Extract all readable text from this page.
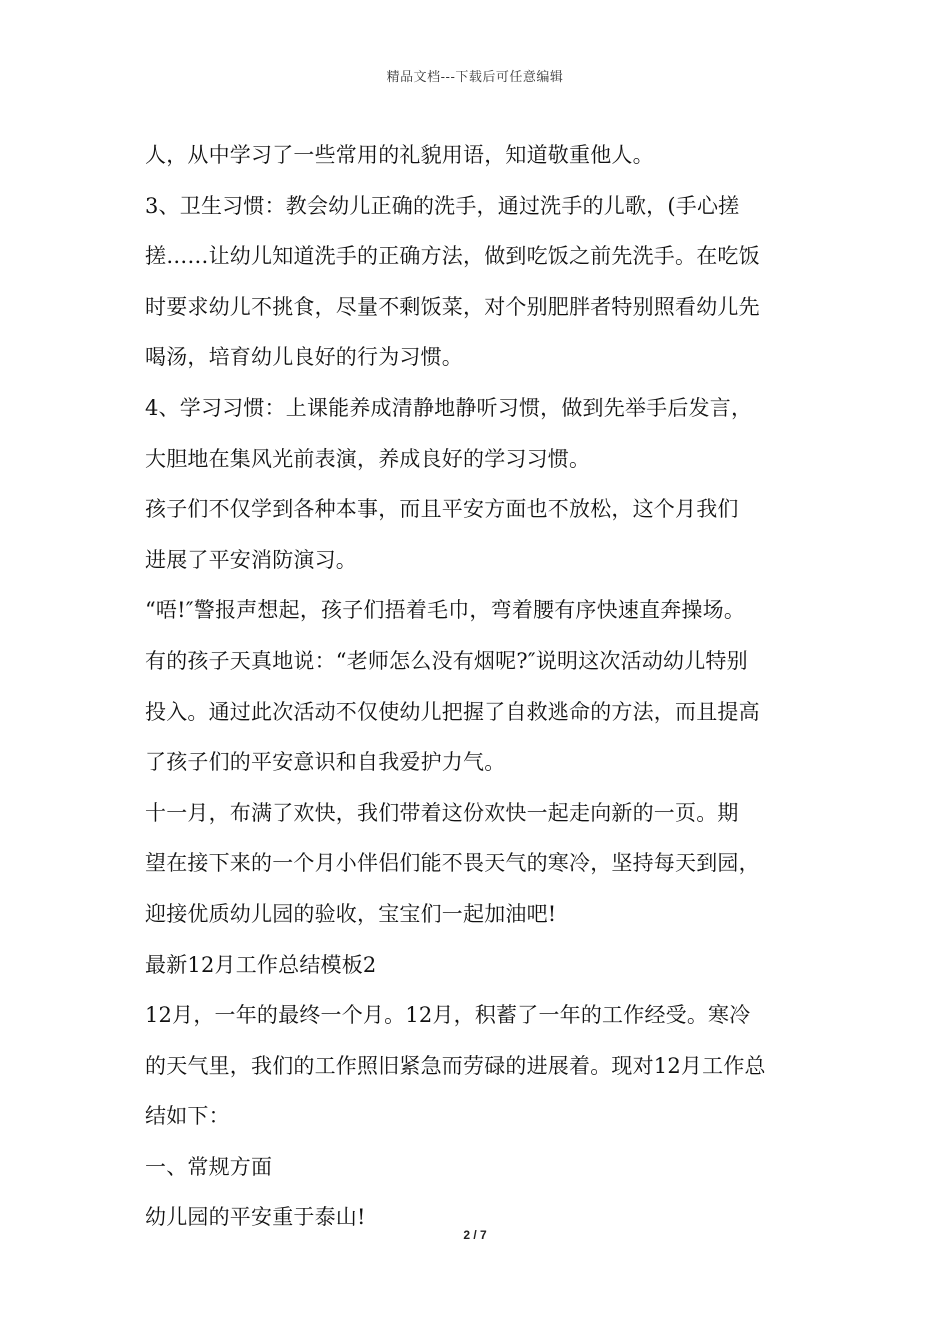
精品文档---下载后可任意编辑
人，从中学习了一些常用的礼貌用语，知道敬重他人。
3、卫生习惯：教会幼儿正确的洗手，通过洗手的儿歌，(手心搓
搓……让幼儿知道洗手的正确方法，做到吃饭之前先洗手。在吃饭
时要求幼儿不挑食，尽量不剩饭菜，对个别肥胖者特别照看幼儿先
喝汤，培育幼儿良好的行为习惯。
4、学习习惯：上课能养成清静地静听习惯，做到先举手后发言，
大胆地在集风光前表演，养成良好的学习习惯。
孩子们不仅学到各种本事，而且平安方面也不放松，这个月我们
进展了平安消防演习。
“唔!″警报声想起，孩子们捂着毛巾，弯着腰有序快速直奔操场。
有的孩子天真地说：“老师怎么没有烟呢?″说明这次活动幼儿特别
投入。通过此次活动不仅使幼儿把握了自救逃命的方法，而且提高
了孩子们的平安意识和自我爱护力气。
十一月，布满了欢快，我们带着这份欢快一起走向新的一页。期
望在接下来的一个月小伴侣们能不畏天气的寒冷，坚持每天到园，
迎接优质幼儿园的验收，宝宝们一起加油吧!
最新12月工作总结模板2
12月，一年的最终一个月。12月，积蓄了一年的工作经受。寒冷
的天气里，我们的工作照旧紧急而劳碌的进展着。现对12月工作总
结如下：
一、常规方面
幼儿园的平安重于泰山!
2 / 7
